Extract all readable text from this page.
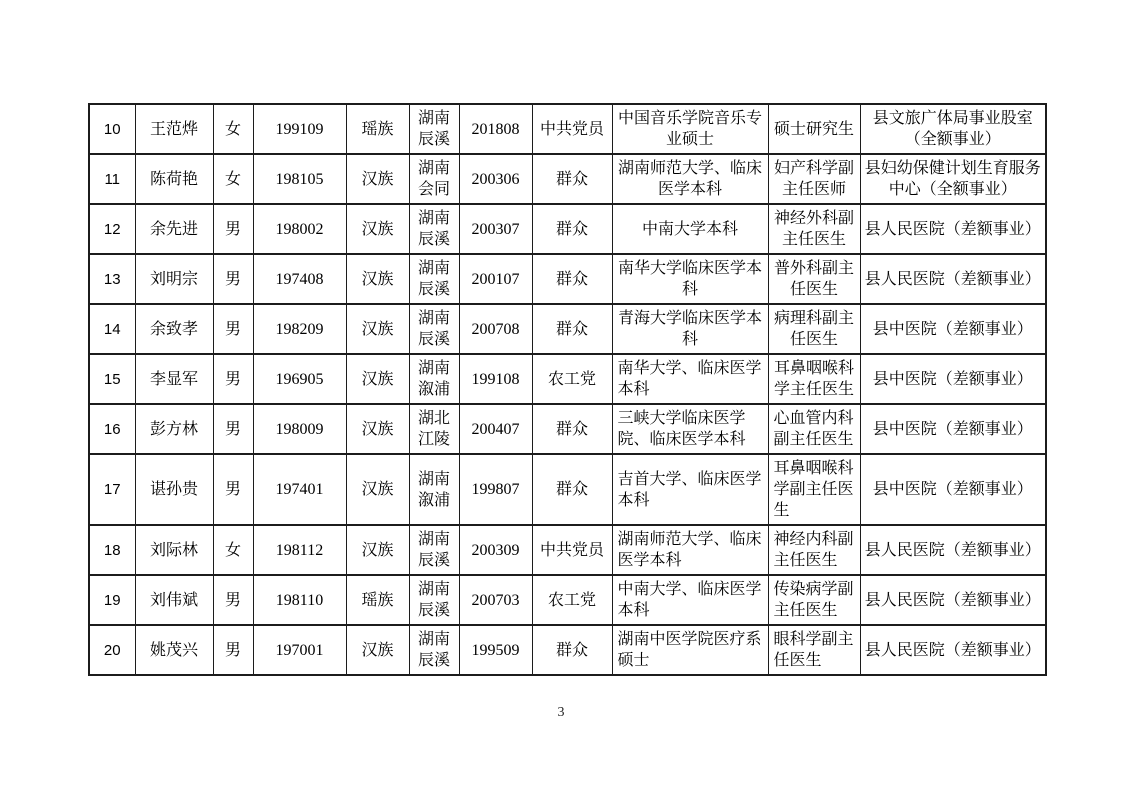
10	王范烨	女	199109	瑶族	湖南辰溪	201808	中共党员	中国音乐学院音乐专业硕士	硕士研究生	县文旅广体局事业股室（全额事业）
11	陈荷艳	女	198105	汉族	湖南会同	200306	群众	湖南师范大学、临床医学本科	妇产科学副主任医师	县妇幼保健计划生育服务中心（全额事业）
12	余先进	男	198002	汉族	湖南辰溪	200307	群众	中南大学本科	神经外科副主任医生	县人民医院（差额事业）
13	刘明宗	男	197408	汉族	湖南辰溪	200107	群众	南华大学临床医学本科	普外科副主任医生	县人民医院（差额事业）
14	余致孝	男	198209	汉族	湖南辰溪	200708	群众	青海大学临床医学本科	病理科副主任医生	县中医院（差额事业）
15	李显军	男	196905	汉族	湖南溆浦	199108	农工党	南华大学、临床医学本科	耳鼻咽喉科学主任医生	县中医院（差额事业）
16	彭方林	男	198009	汉族	湖北江陵	200407	群众	三峡大学临床医学院、临床医学本科	心血管内科副主任医生	县中医院（差额事业）
17	谌孙贵	男	197401	汉族	湖南溆浦	199807	群众	吉首大学、临床医学本科	耳鼻咽喉科学副主任医生	县中医院（差额事业）
18	刘际林	女	198112	汉族	湖南辰溪	200309	中共党员	湖南师范大学、临床医学本科	神经内科副主任医生	县人民医院（差额事业）
19	刘伟斌	男	198110	瑶族	湖南辰溪	200703	农工党	中南大学、临床医学本科	传染病学副主任医生	县人民医院（差额事业）
20	姚茂兴	男	197001	汉族	湖南辰溪	199509	群众	湖南中医学院医疗系硕士	眼科学副主任医生	县人民医院（差额事业）
3
